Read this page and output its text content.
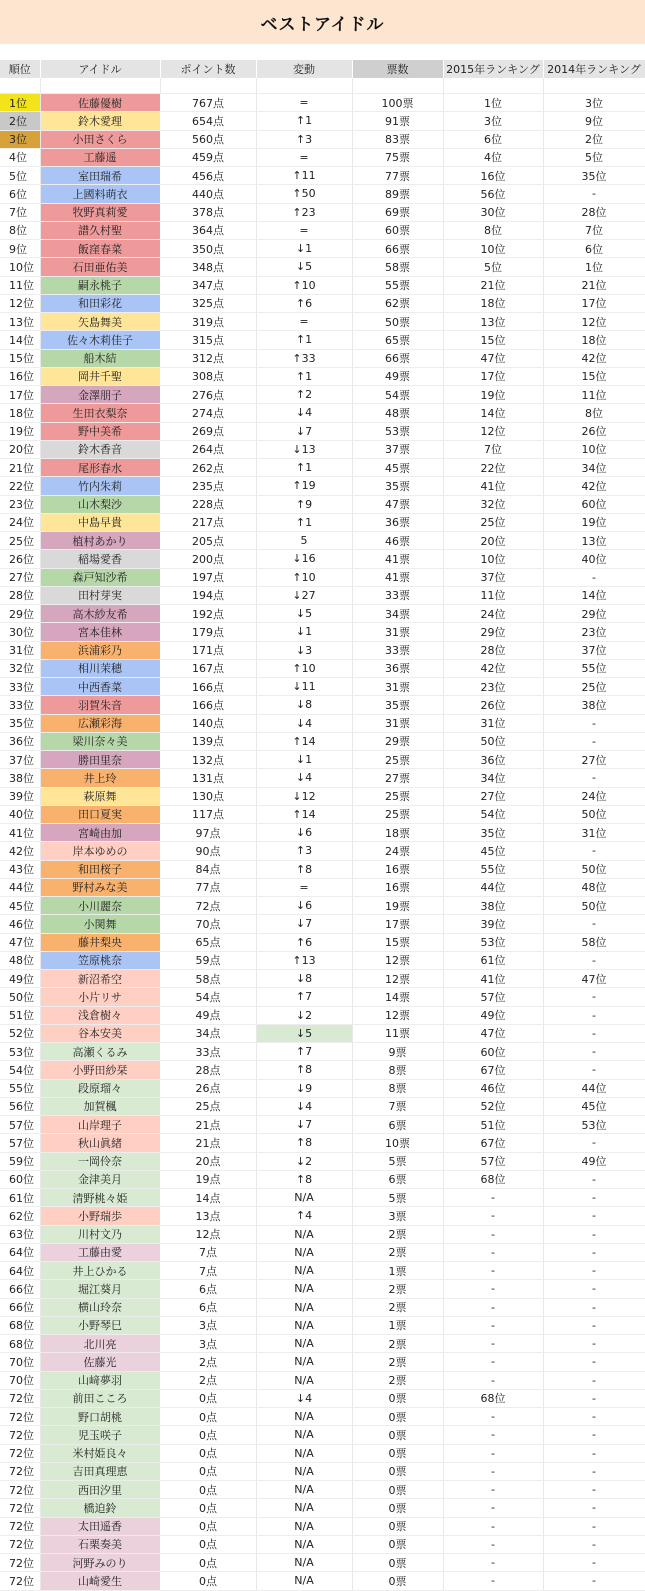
ベストアイドル
順位	アイドル	ポイント数	変動	票数	2015年ランキング	2014年ランキング

1位	佐藤優樹	767点	=	100票	1位	3位
2位	鈴木愛理	654点	↑1	91票	3位	9位
3位	小田さくら	560点	↑3	83票	6位	2位
4位	工藤遥	459点	=	75票	4位	5位
5位	室田瑞希	456点	↑11	77票	16位	35位
6位	上國料萌衣	440点	↑50	89票	56位	-
7位	牧野真莉愛	378点	↑23	69票	30位	28位
8位	譜久村聖	364点	=	60票	8位	7位
9位	飯窪春菜	350点	↓1	66票	10位	6位
10位	石田亜佑美	348点	↓5	58票	5位	1位
11位	嗣永桃子	347点	↑10	55票	21位	21位
12位	和田彩花	325点	↑6	62票	18位	17位
13位	矢島舞美	319点	=	50票	13位	12位
14位	佐々木莉佳子	315点	↑1	65票	15位	18位
15位	船木結	312点	↑33	66票	47位	42位
16位	岡井千聖	308点	↑1	49票	17位	15位
17位	金澤朋子	276点	↑2	54票	19位	11位
18位	生田衣梨奈	274点	↓4	48票	14位	8位
19位	野中美希	269点	↓7	53票	12位	26位
20位	鈴木香音	264点	↓13	37票	7位	10位
21位	尾形春水	262点	↑1	45票	22位	34位
22位	竹内朱莉	235点	↑19	35票	41位	42位
23位	山木梨沙	228点	↑9	47票	32位	60位
24位	中島早貴	217点	↑1	36票	25位	19位
25位	植村あかり	205点	5	46票	20位	13位
26位	稲場愛香	200点	↓16	41票	10位	40位
27位	森戸知沙希	197点	↑10	41票	37位	-
28位	田村芽実	194点	↓27	33票	11位	14位
29位	高木紗友希	192点	↓5	34票	24位	29位
30位	宮本佳林	179点	↓1	31票	29位	23位
31位	浜浦彩乃	171点	↓3	33票	28位	37位
32位	相川茉穂	167点	↑10	36票	42位	55位
33位	中西香菜	166点	↓11	31票	23位	25位
33位	羽賀朱音	166点	↓8	35票	26位	38位
35位	広瀬彩海	140点	↓4	31票	31位	-
36位	梁川奈々美	139点	↑14	29票	50位	-
37位	勝田里奈	132点	↓1	25票	36位	27位
38位	井上玲	131点	↓4	27票	34位	-
39位	萩原舞	130点	↓12	25票	27位	24位
40位	田口夏実	117点	↑14	25票	54位	50位
41位	宮崎由加	97点	↓6	18票	35位	31位
42位	岸本ゆめの	90点	↑3	24票	45位	-
43位	和田桜子	84点	↑8	16票	55位	50位
44位	野村みな美	77点	=	16票	44位	48位
45位	小川麗奈	72点	↓6	19票	38位	50位
46位	小関舞	70点	↓7	17票	39位	-
47位	藤井梨央	65点	↑6	15票	53位	58位
48位	笠原桃奈	59点	↑13	12票	61位	-
49位	新沼希空	58点	↓8	12票	41位	47位
50位	小片リサ	54点	↑7	14票	57位	-
51位	浅倉樹々	49点	↓2	12票	49位	-
52位	谷本安美	34点	↓5	11票	47位	-
53位	高瀬くるみ	33点	↑7	9票	60位	-
54位	小野田紗栞	28点	↑8	8票	67位	-
55位	段原瑠々	26点	↓9	8票	46位	44位
56位	加賀楓	25点	↓4	7票	52位	45位
57位	山岸理子	21点	↓7	6票	51位	53位
57位	秋山眞緒	21点	↑8	10票	67位	-
59位	一岡伶奈	20点	↓2	5票	57位	49位
60位	金津美月	19点	↑8	6票	68位	-
61位	清野桃々姫	14点	N/A	5票	-	-
62位	小野瑞歩	13点	↑4	3票	-	-
63位	川村文乃	12点	N/A	2票	-	-
64位	工藤由愛	7点	N/A	2票	-	-
64位	井上ひかる	7点	N/A	1票	-	-
66位	堀江葵月	6点	N/A	2票	-	-
66位	横山玲奈	6点	N/A	2票	-	-
68位	小野琴巳	3点	N/A	1票	-	-
68位	北川亮	3点	N/A	2票	-	-
70位	佐藤光	2点	N/A	2票	-	-
70位	山﨑夢羽	2点	N/A	2票	-	-
72位	前田こころ	0点	↓4	0票	68位	-
72位	野口胡桃	0点	N/A	0票	-	-
72位	児玉咲子	0点	N/A	0票	-	-
72位	米村姫良々	0点	N/A	0票	-	-
72位	吉田真理恵	0点	N/A	0票	-	-
72位	西田汐里	0点	N/A	0票	-	-
72位	橋迫鈴	0点	N/A	0票	-	-
72位	太田遥香	0点	N/A	0票	-	-
72位	石栗奏美	0点	N/A	0票	-	-
72位	河野みのり	0点	N/A	0票	-	-
72位	山崎愛生	0点	N/A	0票	-	-
